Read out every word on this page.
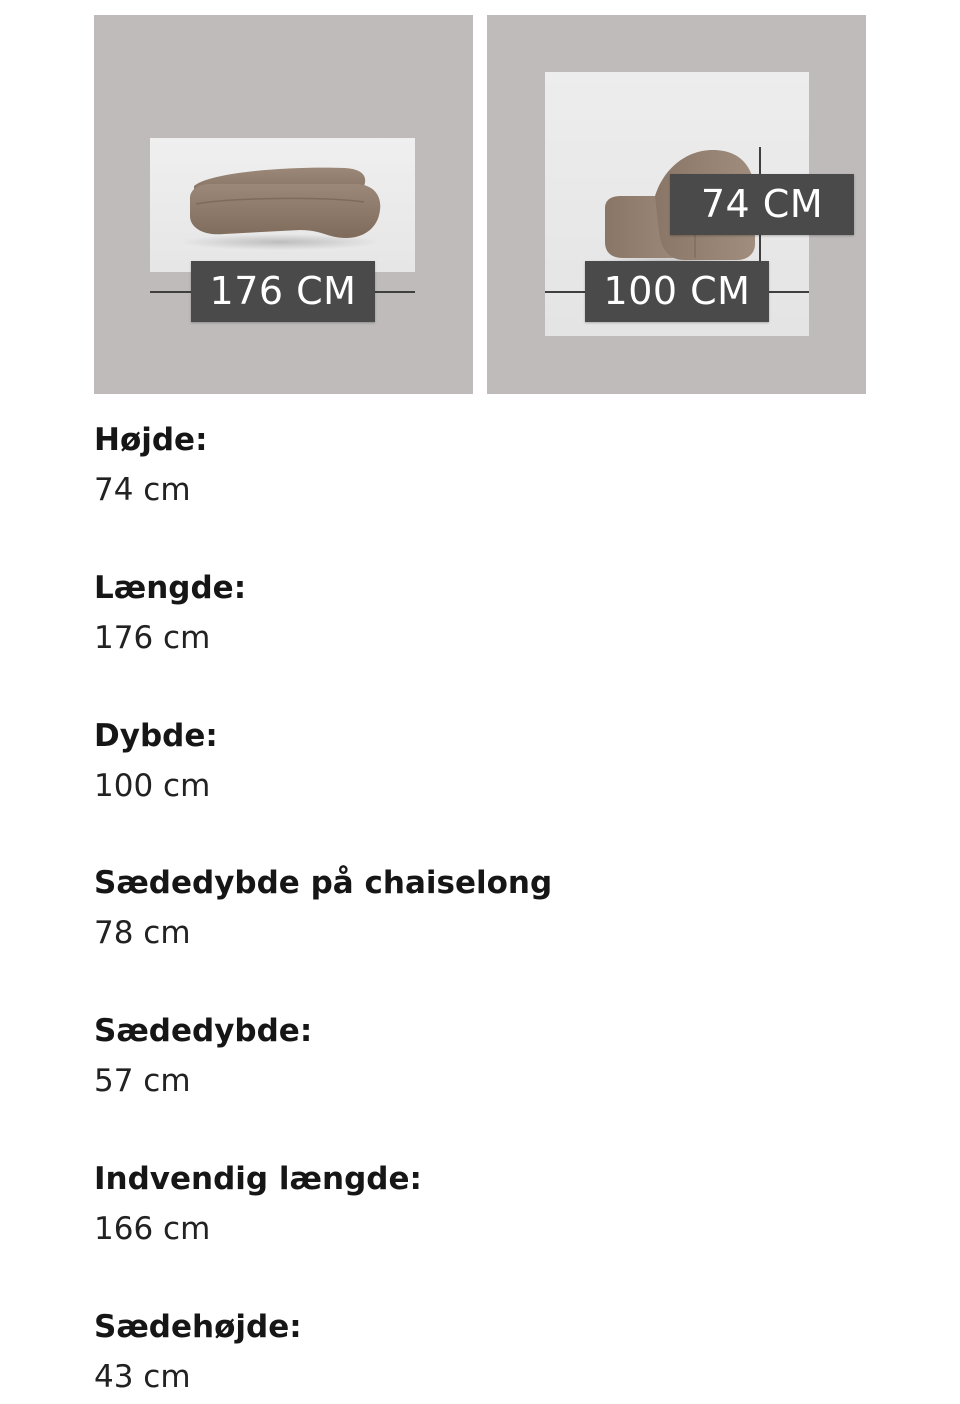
176 CM
74 CM
100 CM
Højde:
74 cm
Længde:
176 cm
Dybde:
100 cm
Sædedybde på chaiselong
78 cm
Sædedybde:
57 cm
Indvendig længde:
166 cm
Sædehøjde:
43 cm
